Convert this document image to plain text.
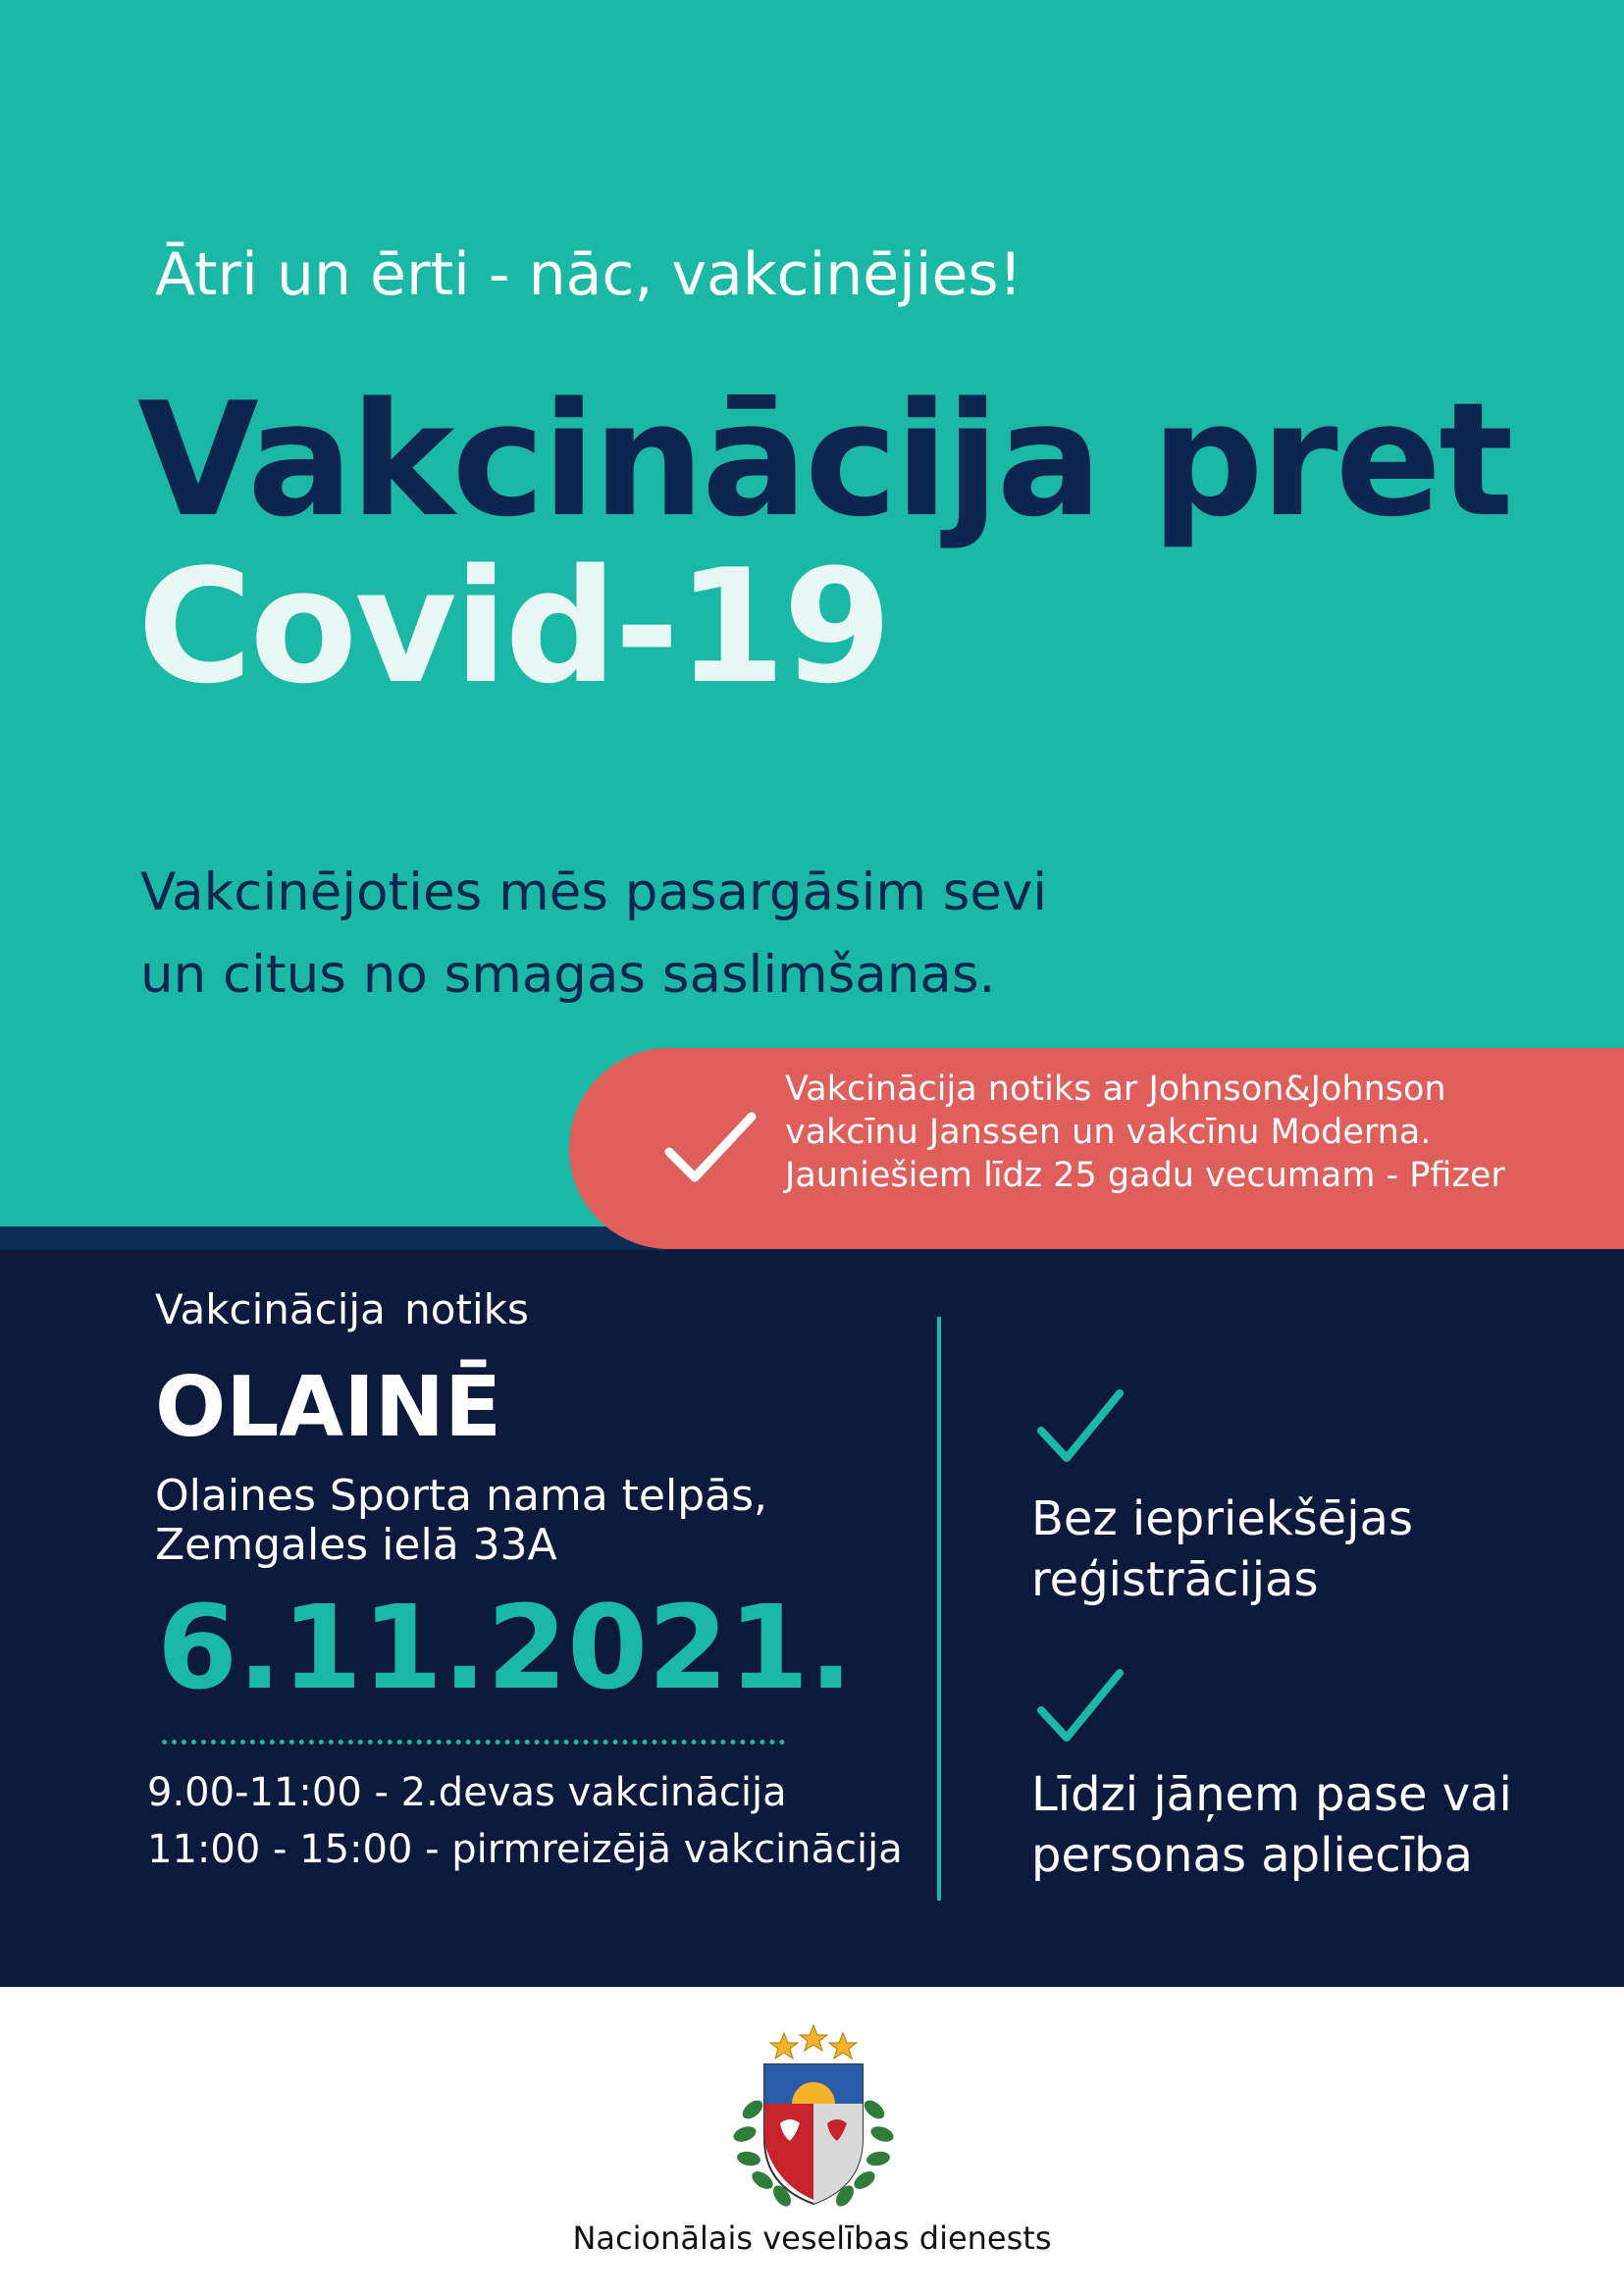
Ātri un ērti - nāc, vakcinējies!
Vakcinācija pret
Covid-19
Vakcinējoties mēs pasargāsim sevi
un citus no smagas saslimšanas.
Vakcinācija notiks ar Johnson&Johnson
vakcīnu Janssen un vakcīnu Moderna.
Jauniešiem līdz 25 gadu vecumam - Pfizer
Vakcinācija notiks
OLAINĒ
Olaines Sporta nama telpās,
Zemgales ielā 33A
6.11.2021.
9.00-11:00 - 2.devas vakcinācija
11:00 - 15:00 - pirmreizējā vakcinācija
Bez iepriekšējas
reģistrācijas
Līdzi jāņem pase vai
personas apliecība
Nacionālais veselības dienests
